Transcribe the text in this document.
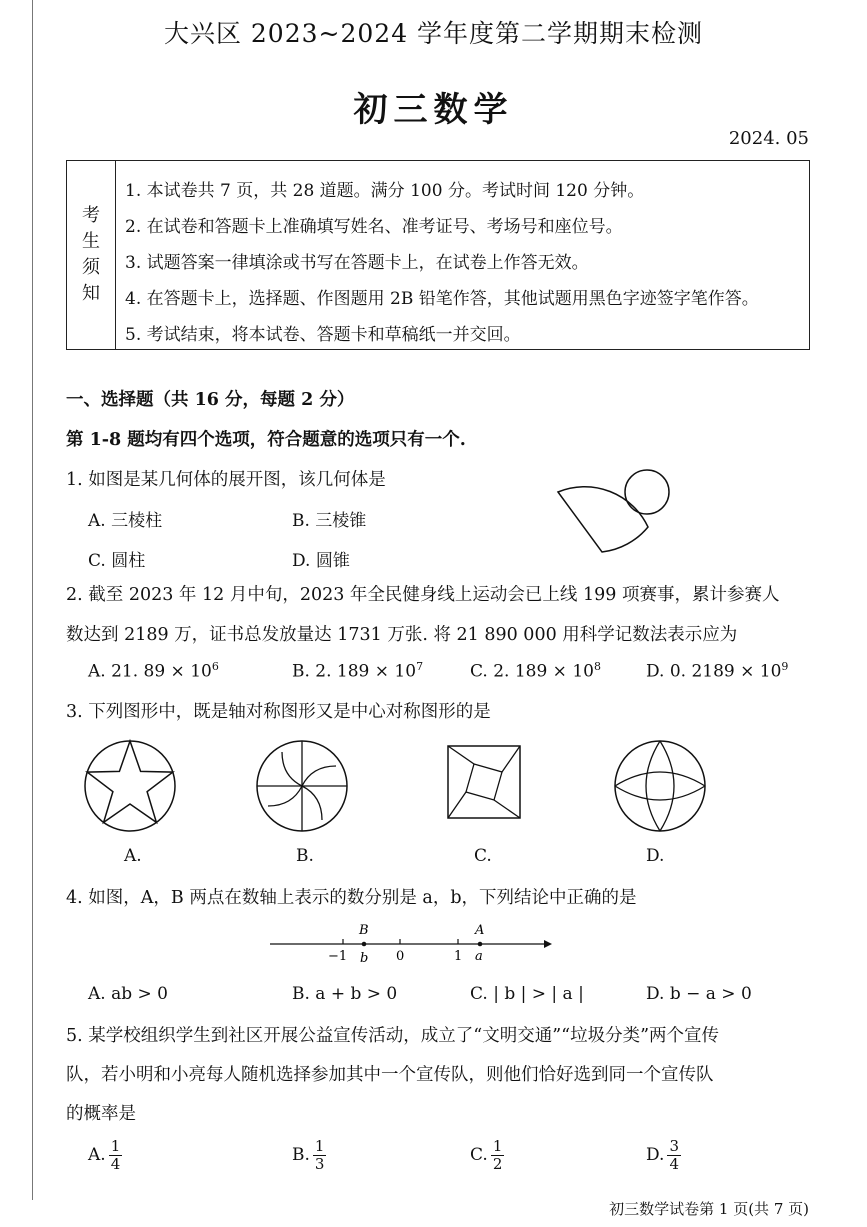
大兴区 2023~2024 学年度第二学期期末检测
初三数学
2024. 05
考
生
须
知
1. 本试卷共 7 页，共 28 道题。满分 100 分。考试时间 120 分钟。
2. 在试卷和答题卡上准确填写姓名、准考证号、考场号和座位号。
3. 试题答案一律填涂或书写在答题卡上，在试卷上作答无效。
4. 在答题卡上，选择题、作图题用 2B 铅笔作答，其他试题用黑色字迹签字笔作答。
5. 考试结束，将本试卷、答题卡和草稿纸一并交回。
一、选择题（共 16 分，每题 2 分）
第 1-8 题均有四个选项，符合题意的选项只有一个.
1. 如图是某几何体的展开图，该几何体是
A. 三棱柱	B. 三棱锥
C. 圆柱	D. 圆锥
2. 截至 2023 年 12 月中旬，2023 年全民健身线上运动会已上线 199 项赛事，累计参赛人
数达到 2189 万，证书总发放量达 1731 万张. 将 21 890 000 用科学记数法表示应为
A. 21. $89 \times 10^6$	B. 2. $189 \times 10^7$	C. 2. $189 \times 10^8$	D. 0. $2189 \times 10^9$
3. 下列图形中，既是轴对称图形又是中心对称图形的是
A.	B.	C.	D.
4. 如图，A，B 两点在数轴上表示的数分别是 a，b，下列结论中正确的是
B	A
−1 b 0	1 a
A. ab > 0	B. a + b > 0	C. | b | > | a |	D. b − a > 0
5. 某学校组织学生到社区开展公益宣传活动，成立了“文明交通”“垃圾分类”两个宣传
队，若小明和小亮每人随机选择参加其中一个宣传队，则他们恰好选到同一个宣传队
的概率是
A. $\frac{1}{4}$	B. $\frac{1}{3}$	C. $\frac{1}{2}$	D. $\frac{3}{4}$
初三数学试卷第 1 页(共 7 页)
